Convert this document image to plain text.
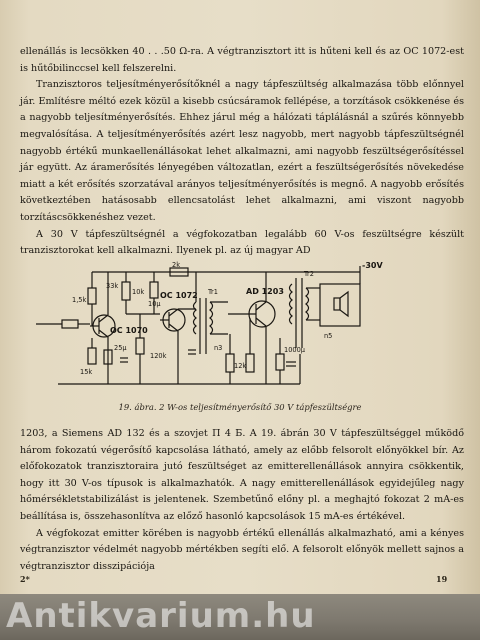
ellenállás is lecsökken 40 . . .50 Ω-ra. A végtranzisztort itt is hűteni kell és az OC 1072-est is hűtőbilinccsel kell felszerelni.

Tranzisztoros teljesítményerősítőknél a nagy tápfeszültség alkalmazása több előnnyel jár. Említésre méltó ezek közül a kisebb csúcsáramok fellépése, a torzítások csökkenése és a nagyobb teljesítményerősítés. Ehhez járul még a hálózati táplálásnál a szűrés könnyebb megvalósítása. A teljesítményerősítés azért lesz nagyobb, mert nagyobb tápfeszültségnél nagyobb értékű munkaellenállásokat lehet alkalmazni, ami nagyobb feszültségerősítéssel jár együtt. Az áramerősítés lényegében változatlan, ezért a feszültségerősítés növekedése miatt a két erősítés szorzatával arányos teljesítményerősítés is megnő. A nagyobb erősítés következtében hatásosabb ellencsatolást lehet alkalmazni, ami viszont nagyobb torzításcsökkenéshez vezet.

A 30 V tápfeszültségnél a végfokozatban legalább 60 V-os feszültségre készült tranzisztorokat kell alkalmazni. Ilyenek pl. az új magyar AD

1,5k
33k
10k
2k
10μ
Tr1
Tr2
15k
25μ
120k
n3
12k
1000μ
n5
OC 1070
OC 1072	AD 1203
-30V
19. ábra. 2 W-os teljesítményerősítő 30 V tápfeszültségre

1203, a Siemens AD 132 és a szovjet П 4 Б. A 19. ábrán 30 V tápfeszültséggel működő három fokozatú végerősítő kapcsolása látható, amely az előbb felsorolt előnyökkel bír. Az előfokozatok tranzisztoraira jutó feszültséget az emitterellenállások annyira csökkentik, hogy itt 30 V-os típusok is alkalmazhatók. A nagy emitterellenállások egyidejűleg nagy hőmérsékletstabilizálást is jelentenek. Szembetűnő előny pl. a meghajtó fokozat 2 mA-es beállítása is, összehasonlítva az előző hasonló kapcsolások 15 mA-es értékével.

A végfokozat emitter körében is nagyobb értékű ellenállás alkalmazható, ami a kényes végtranzisztor védelmét nagyobb mértékben segíti elő. A felsorolt előnyök mellett sajnos a végtranzisztor disszipációja

2*	19
Antikvarium.hu
